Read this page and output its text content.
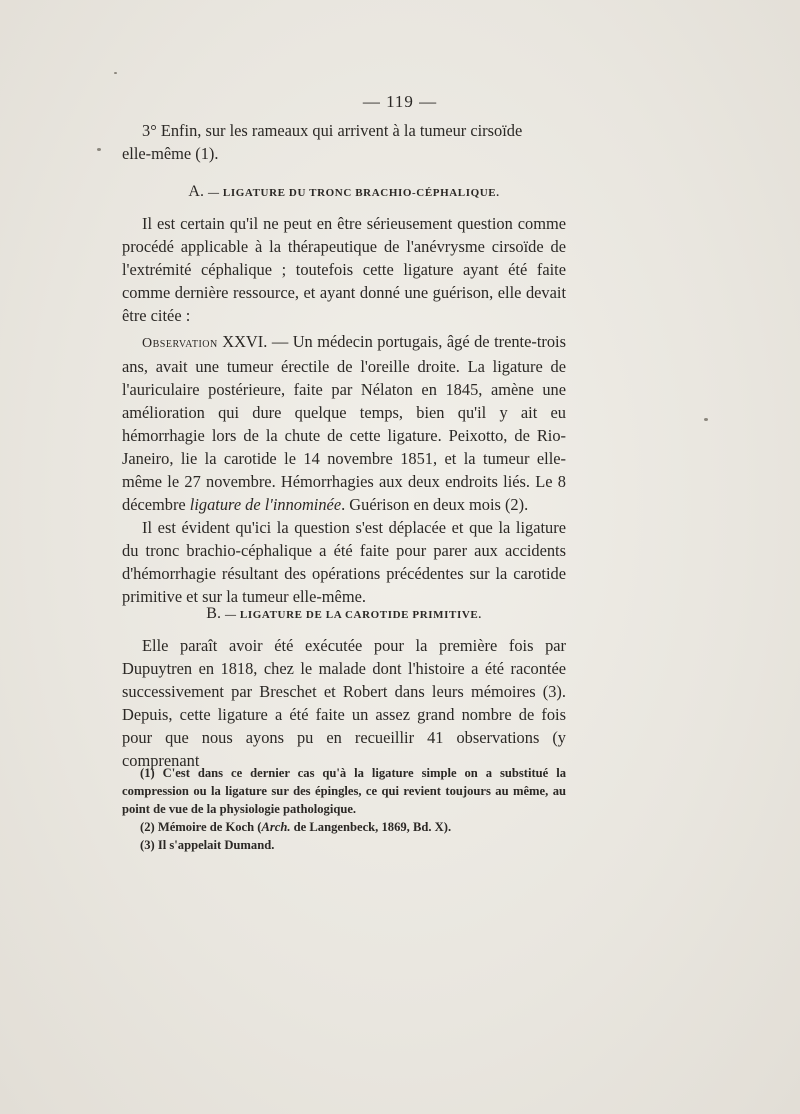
— 119 —

3° Enfin, sur les rameaux qui arrivent à la tumeur cirsoïde

elle-même (1).

A. — LIGATURE DU TRONC BRACHIO-CÉPHALIQUE.

Il est certain qu'il ne peut en être sérieusement question comme procédé applicable à la thérapeutique de l'anévrysme cirsoïde de l'extrémité céphalique ; toutefois cette ligature ayant été faite comme dernière ressource, et ayant donné une guérison, elle devait être citée :

Observation XXVI. — Un médecin portugais, âgé de trente-trois ans, avait une tumeur érectile de l'oreille droite. La ligature de l'auriculaire postérieure, faite par Nélaton en 1845, amène une amélioration qui dure quelque temps, bien qu'il y ait eu hémorrhagie lors de la chute de cette ligature. Peixotto, de Rio-Janeiro, lie la carotide le 14 novembre 1851, et la tumeur elle-même le 27 novembre. Hémorrhagies aux deux endroits liés. Le 8 décembre ligature de l'innominée. Guérison en deux mois (2).

Il est évident qu'ici la question s'est déplacée et que la ligature du tronc brachio-céphalique a été faite pour parer aux accidents d'hémorrhagie résultant des opérations précédentes sur la carotide primitive et sur la tumeur elle-même.

B. — LIGATURE DE LA CAROTIDE PRIMITIVE.

Elle paraît avoir été exécutée pour la première fois par Dupuytren en 1818, chez le malade dont l'histoire a été racontée successivement par Breschet et Robert dans leurs mémoires (3). Depuis, cette ligature a été faite un assez grand nombre de fois pour que nous ayons pu en recueillir 41 observations (y comprenant

(1) C'est dans ce dernier cas qu'à la ligature simple on a substitué la compression ou la ligature sur des épingles, ce qui revient toujours au même, au point de vue de la physiologie pathologique.

(2) Mémoire de Koch (Arch. de Langenbeck, 1869, Bd. X).

(3) Il s'appelait Dumand.
